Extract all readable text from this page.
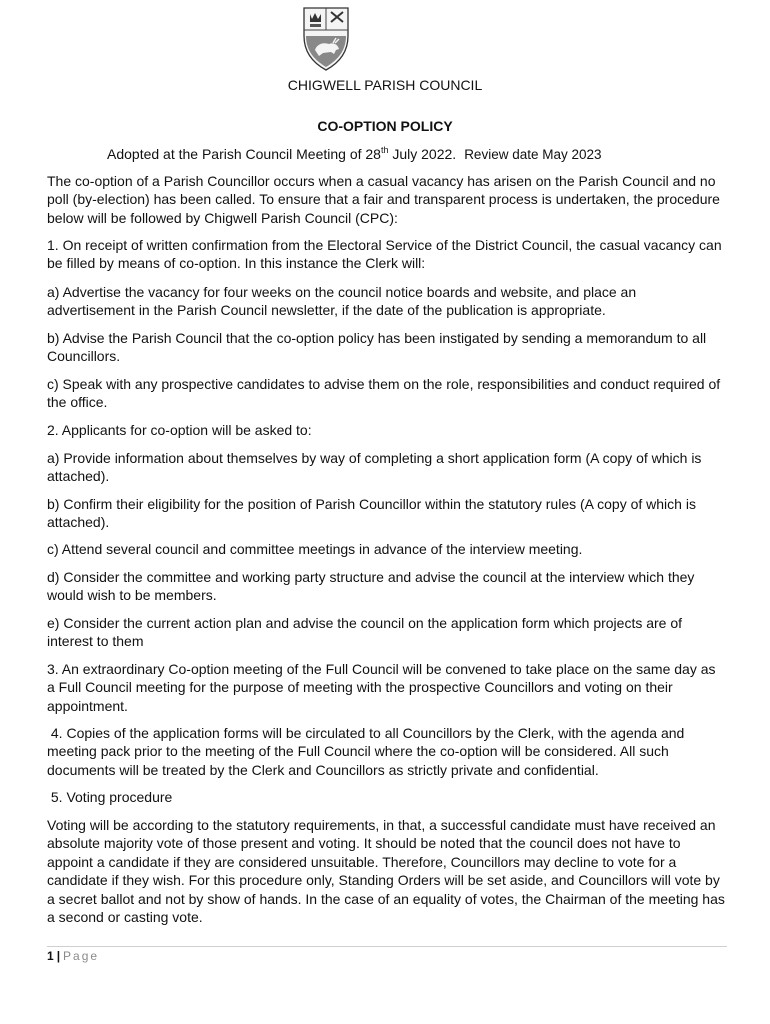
CHIGWELL PARISH COUNCIL
CO-OPTION POLICY
Adopted at the Parish Council Meeting of 28th July 2022. Review date May 2023

The co-option of a Parish Councillor occurs when a casual vacancy has arisen on the Parish Council and no poll (by-election) has been called. To ensure that a fair and transparent process is undertaken, the procedure below will be followed by Chigwell Parish Council (CPC):

1. On receipt of written confirmation from the Electoral Service of the District Council, the casual vacancy can be filled by means of co-option. In this instance the Clerk will:

a) Advertise the vacancy for four weeks on the council notice boards and website, and place an advertisement in the Parish Council newsletter, if the date of the publication is appropriate.

b) Advise the Parish Council that the co-option policy has been instigated by sending a memorandum to all Councillors.

c) Speak with any prospective candidates to advise them on the role, responsibilities and conduct required of the office.

2. Applicants for co-option will be asked to:

a) Provide information about themselves by way of completing a short application form (A copy of which is attached).

b) Confirm their eligibility for the position of Parish Councillor within the statutory rules (A copy of which is attached).

c) Attend several council and committee meetings in advance of the interview meeting.

d) Consider the committee and working party structure and advise the council at the interview which they would wish to be members.

e) Consider the current action plan and advise the council on the application form which projects are of interest to them

3. An extraordinary Co-option meeting of the Full Council will be convened to take place on the same day as a Full Council meeting for the purpose of meeting with the prospective Councillors and voting on their appointment.

4. Copies of the application forms will be circulated to all Councillors by the Clerk, with the agenda and meeting pack prior to the meeting of the Full Council where the co-option will be considered. All such documents will be treated by the Clerk and Councillors as strictly private and confidential.

5. Voting procedure

Voting will be according to the statutory requirements, in that, a successful candidate must have received an absolute majority vote of those present and voting. It should be noted that the council does not have to appoint a candidate if they are considered unsuitable. Therefore, Councillors may decline to vote for a candidate if they wish. For this procedure only, Standing Orders will be set aside, and Councillors will vote by a secret ballot and not by show of hands. In the case of an equality of votes, the Chairman of the meeting has a second or casting vote.

1 | Page
